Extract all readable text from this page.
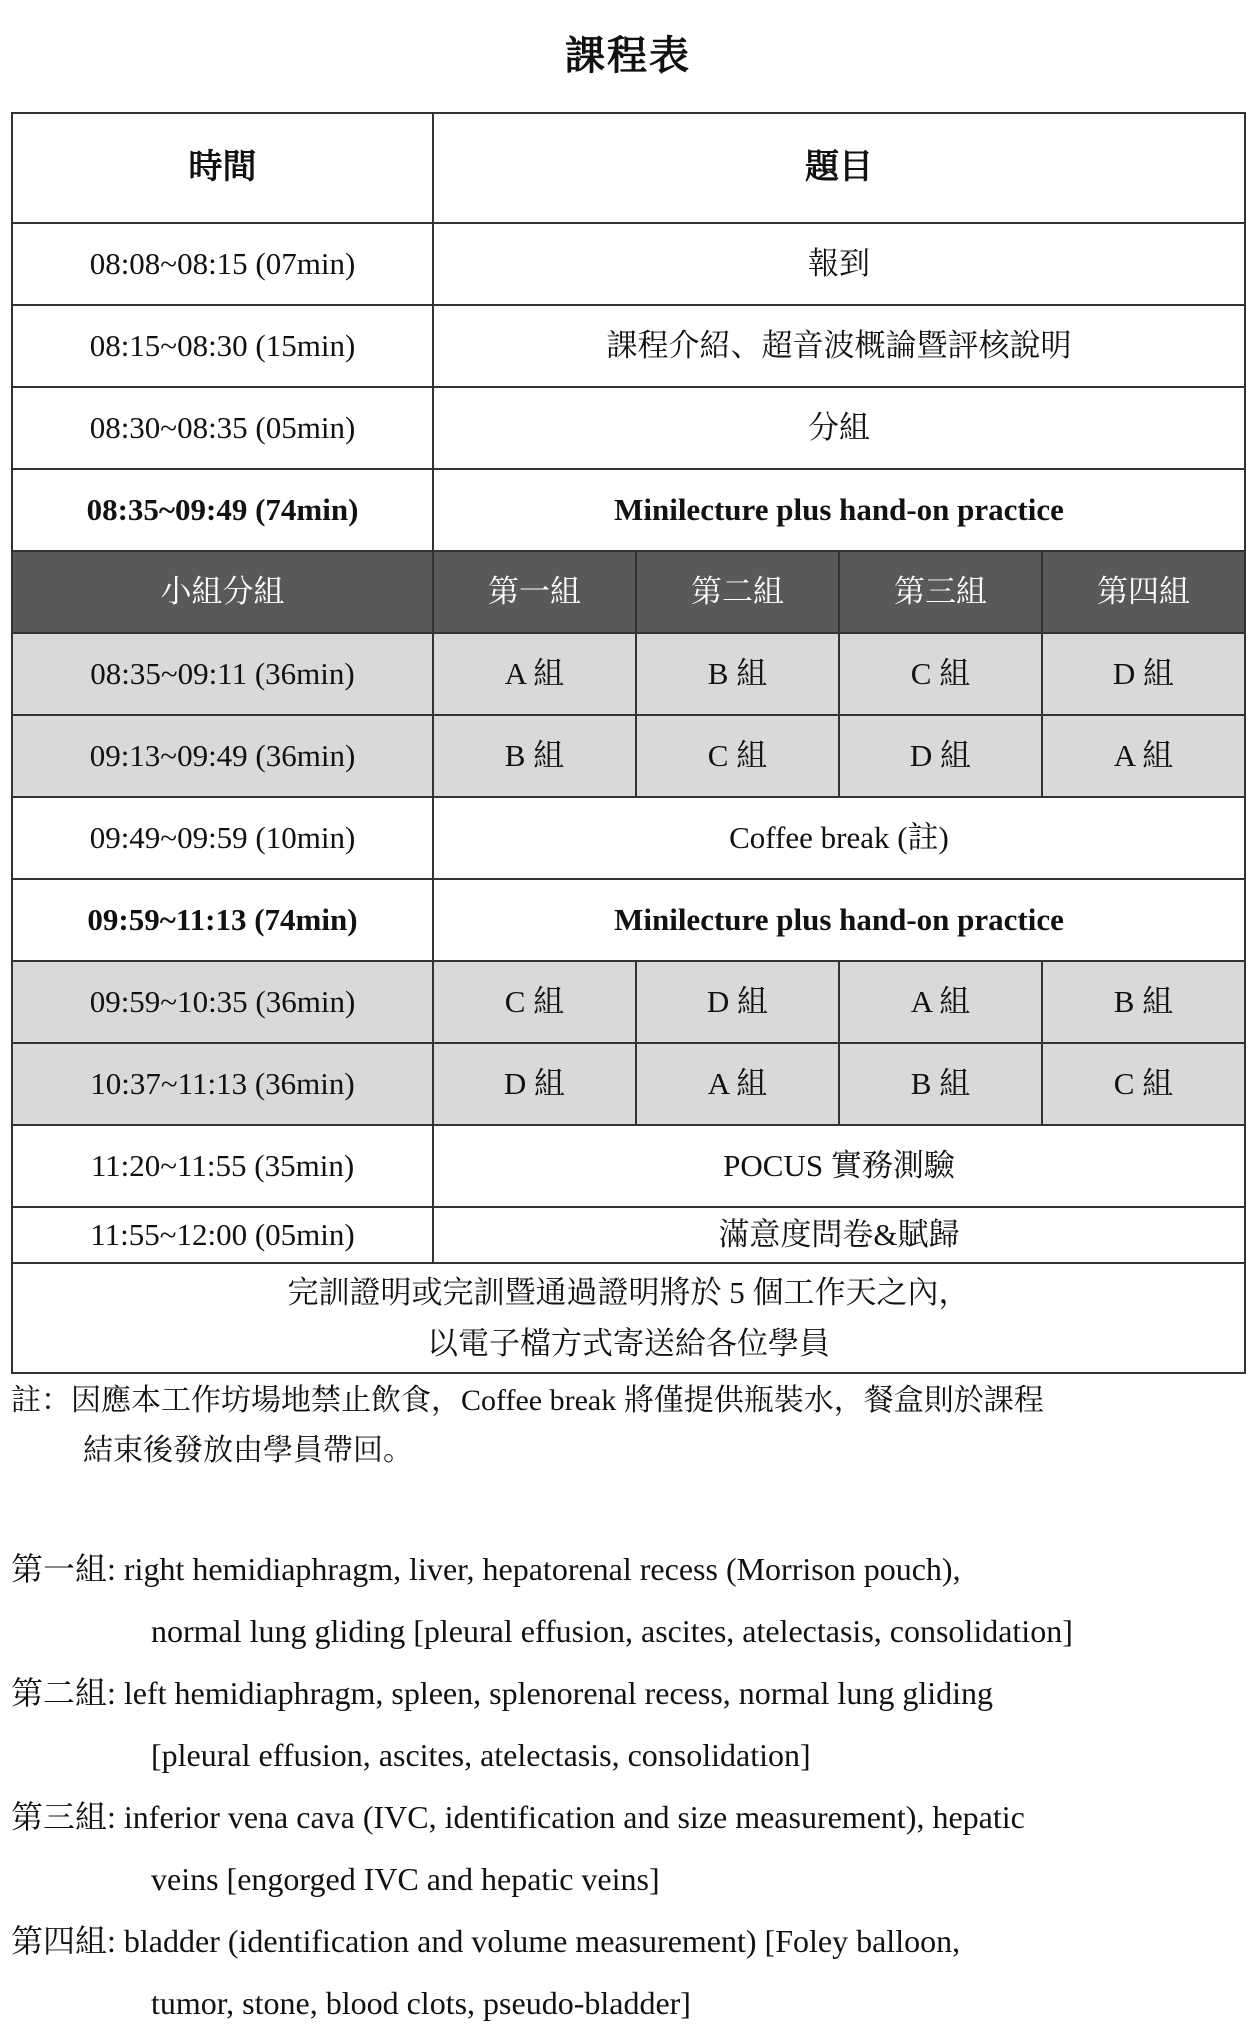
課程表
時間	題目			
08:08~08:15 (07min)	報到			
08:15~08:30 (15min)	課程介紹、超音波概論暨評核說明			
08:30~08:35 (05min)	分組			
08:35~09:49 (74min)	Minilecture plus hand-on practice			
小組分組	第一組	第二組	第三組	第四組
08:35~09:11 (36min)	A 組	B 組	C 組	D 組
09:13~09:49 (36min)	B 組	C 組	D 組	A 組
09:49~09:59 (10min)	Coffee break (註)			
09:59~11:13 (74min)	Minilecture plus hand-on practice			
09:59~10:35 (36min)	C 組	D 組	A 組	B 組
10:37~11:13 (36min)	D 組	A 組	B 組	C 組
11:20~11:55 (35min)	POCUS 實務測驗			
11:55~12:00 (05min)	滿意度問卷&賦歸			

完訓證明或完訓暨通過證明將於 5 個工作天之內，
以電子檔方式寄送給各位學員				
註：因應本工作坊場地禁止飲食，Coffee break 將僅提供瓶裝水，餐盒則於課程
結束後發放由學員帶回。
第一組: right hemidiaphragm, liver, hepatorenal recess (Morrison pouch),
normal lung gliding [pleural effusion, ascites, atelectasis, consolidation]
第二組: left hemidiaphragm, spleen, splenorenal recess, normal lung gliding
[pleural effusion, ascites, atelectasis, consolidation]
第三組: inferior vena cava (IVC, identification and size measurement), hepatic
veins [engorged IVC and hepatic veins]
第四組: bladder (identification and volume measurement) [Foley balloon,
tumor, stone, blood clots, pseudo-bladder]
